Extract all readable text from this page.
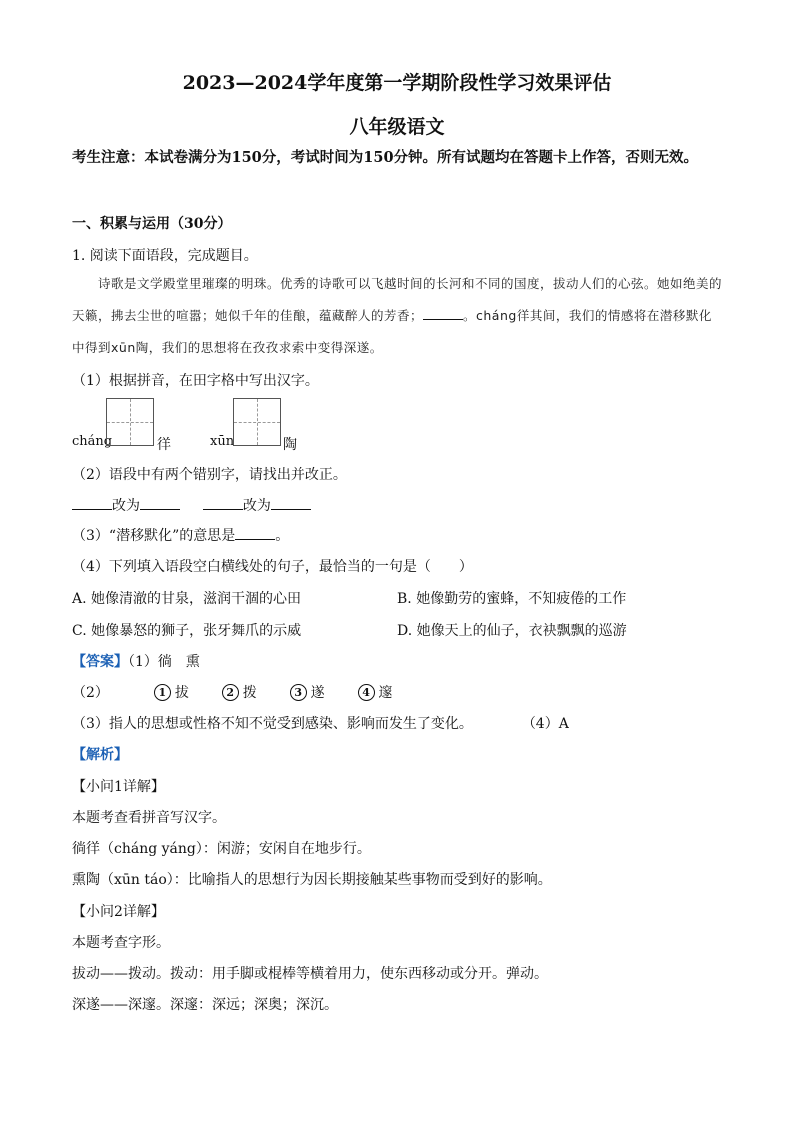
2023—2024学年度第一学期阶段性学习效果评估
八年级语文
考生注意：本试卷满分为150分，考试时间为150分钟。所有试题均在答题卡上作答，否则无效。
一、积累与运用（30分）
1. 阅读下面语段，完成题目。

诗歌是文学殿堂里璀璨的明珠。优秀的诗歌可以飞越时间的长河和不同的国度，拔动人们的心弦。她如绝美的天籁，拂去尘世的喧嚣；她似千年的佳酿，蕴藏醉人的芳香；	。cháng徉其间，我们的情感将在潜移默化中得到xūn陶，我们的思想将在孜孜求索中变得深遂。

（1）根据拼音，在田字格中写出汉字。
cháng	徉	xūn	陶
（2）语段中有两个错别字，请找出并改正。
改为	改为
（3）“潜移默化”的意思是	。
（4）下列填入语段空白横线处的句子，最恰当的一句是（　　）
A. 她像清澈的甘泉，滋润干涸的心田	B. 她像勤劳的蜜蜂，不知疲倦的工作
C. 她像暴怒的狮子，张牙舞爪的示威	D. 她像天上的仙子，衣袂飘飘的巡游
【答案】（1）徜　熏
（2）	1 拔	2 拨	3 遂	4 邃
（3）指人的思想或性格不知不觉受到感染、影响而发生了变化。	（4）A
【解析】
【小问1详解】
本题考查看拼音写汉字。
徜徉（cháng yáng）：闲游；安闲自在地步行。
熏陶（xūn táo）：比喻指人的思想行为因长期接触某些事物而受到好的影响。
【小问2详解】
本题考查字形。
拔动——拨动。拨动：用手脚或棍棒等横着用力，使东西移动或分开。弹动。
深遂——深邃。深邃：深远；深奥；深沉。
